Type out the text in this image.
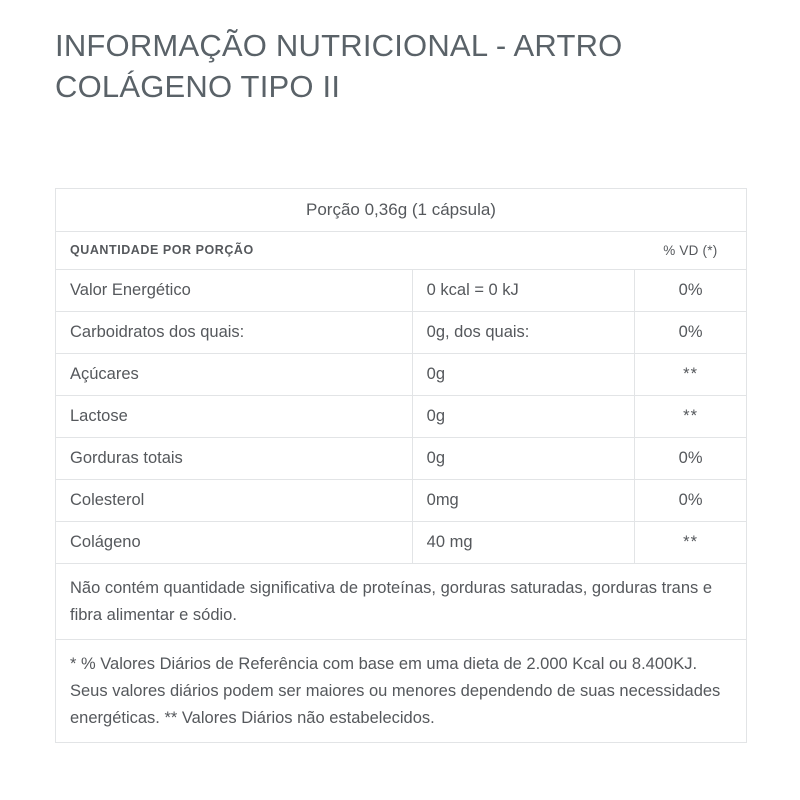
INFORMAÇÃO NUTRICIONAL - ARTRO COLÁGENO TIPO II
Porção 0,36g (1 cápsula)		
QUANTIDADE POR PORÇÃO		% VD (*)
Valor Energético	0 kcal = 0 kJ	0%
Carboidratos dos quais:	0g, dos quais:	0%
Açúcares	0g	**
Lactose	0g	**
Gorduras totais	0g	0%
Colesterol	0mg	0%
Colágeno	40 mg	**
Não contém quantidade significativa de proteínas, gorduras saturadas, gorduras trans e fibra alimentar e sódio.		
* % Valores Diários de Referência com base em uma dieta de 2.000 Kcal ou 8.400KJ. Seus valores diários podem ser maiores ou menores dependendo de suas necessidades energéticas. ** Valores Diários não estabelecidos.		
